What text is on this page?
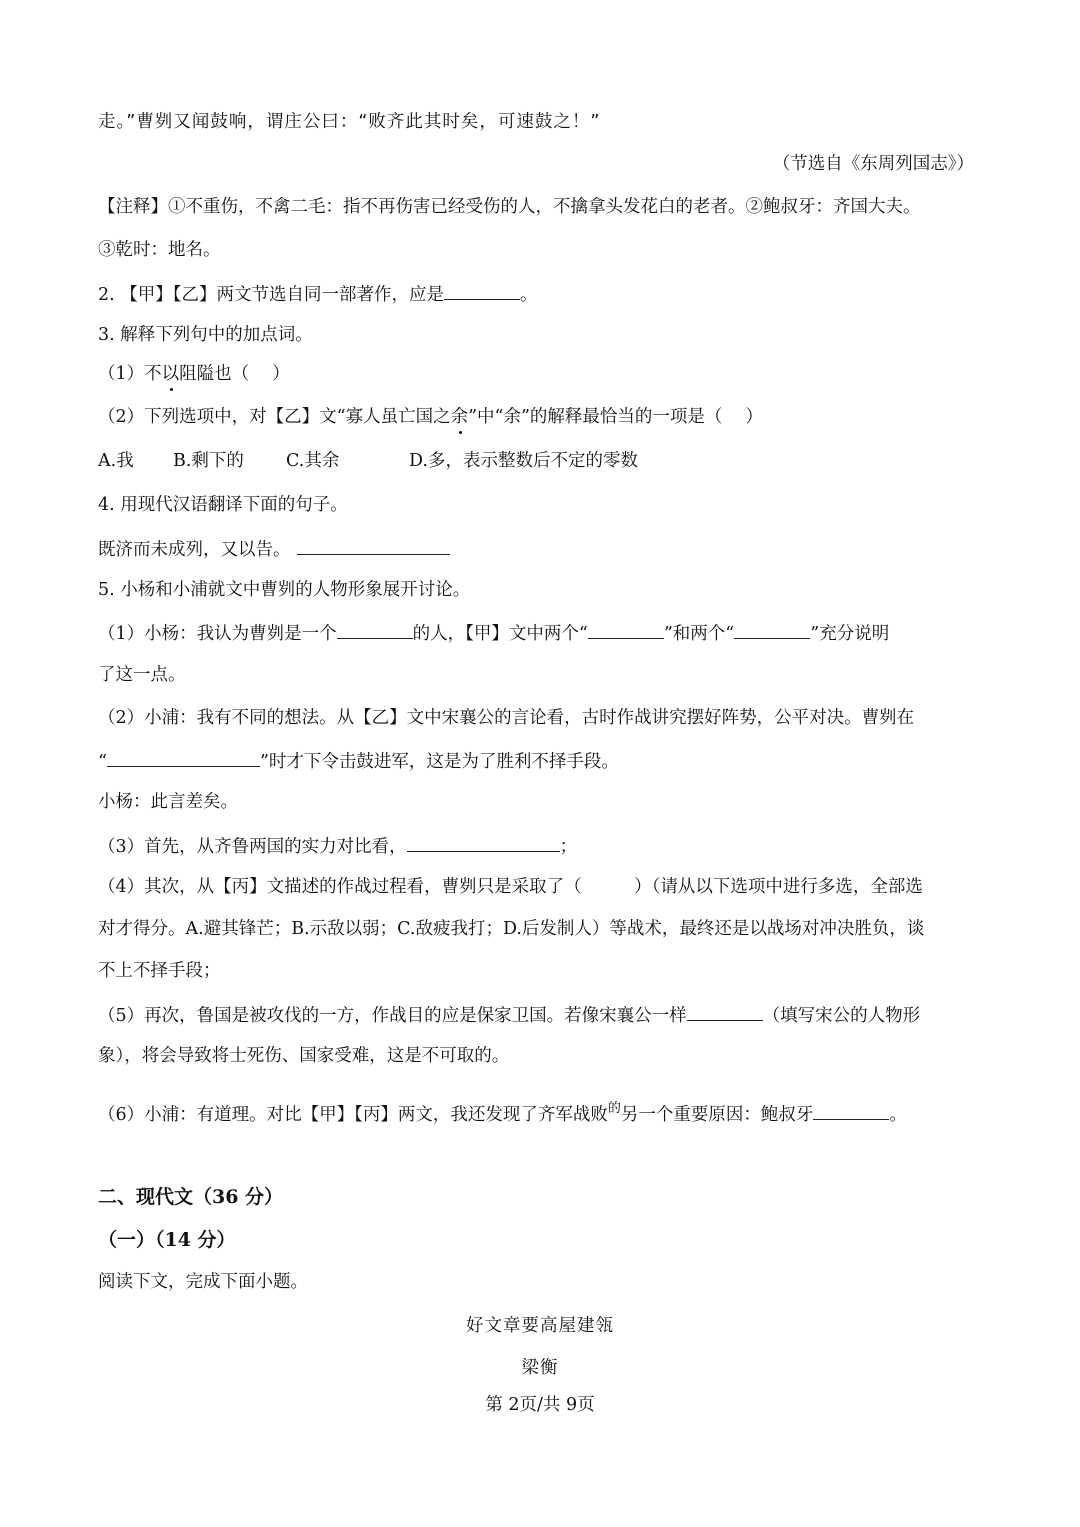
走。”曹刿又闻鼓响，谓庄公曰：“败齐此其时矣，可速鼓之！”
（节选自《东周列国志》）
【注释】①不重伤，不禽二毛：指不再伤害已经受伤的人，不擒拿头发花白的老者。②鲍叔牙：齐国大夫。
③乾时：地名。
2. 【甲】【乙】两文节选自同一部著作，应是	。
3. 解释下列句中的加点词。
（1）不以阻隘也（　 ）
（2）下列选项中，对【乙】文“寡人虽亡国之余”中“余”的解释最恰当的一项是（　 ）
A.我 B.剩下的 C.其余	D.多，表示整数后不定的零数
4. 用现代汉语翻译下面的句子。
既济而未成列，又以告。
5. 小杨和小浦就文中曹刿的人物形象展开讨论。
（1）小杨：我认为曹刿是一个	的人，【甲】文中两个“	”和两个“	”充分说明
了这一点。
（2）小浦：我有不同的想法。从【乙】文中宋襄公的言论看，古时作战讲究摆好阵势，公平对决。曹刿在
“	”时才下令击鼓进军，这是为了胜利不择手段。
小杨：此言差矣。
（3）首先，从齐鲁两国的实力对比看，	；
（4）其次，从【丙】文描述的作战过程看，曹刿只是采取了（　　　）（请从以下选项中进行多选，全部选
对才得分。A.避其锋芒；B.示敌以弱；C.敌疲我打；D.后发制人）等战术，最终还是以战场对冲决胜负，谈
不上不择手段；
（5）再次，鲁国是被攻伐的一方，作战目的应是保家卫国。若像宋襄公一样	（填写宋公的人物形
象），将会导致将士死伤、国家受难，这是不可取的。
（6）小浦：有道理。对比【甲】【丙】两文，我还发现了齐军战败$^的$另一个重要原因：鲍叔牙	。
二、现代文（36 分）
（一）（14 分）
阅读下文，完成下面小题。
好文章要高屋建瓴
梁衡
第 2页/共 9页
